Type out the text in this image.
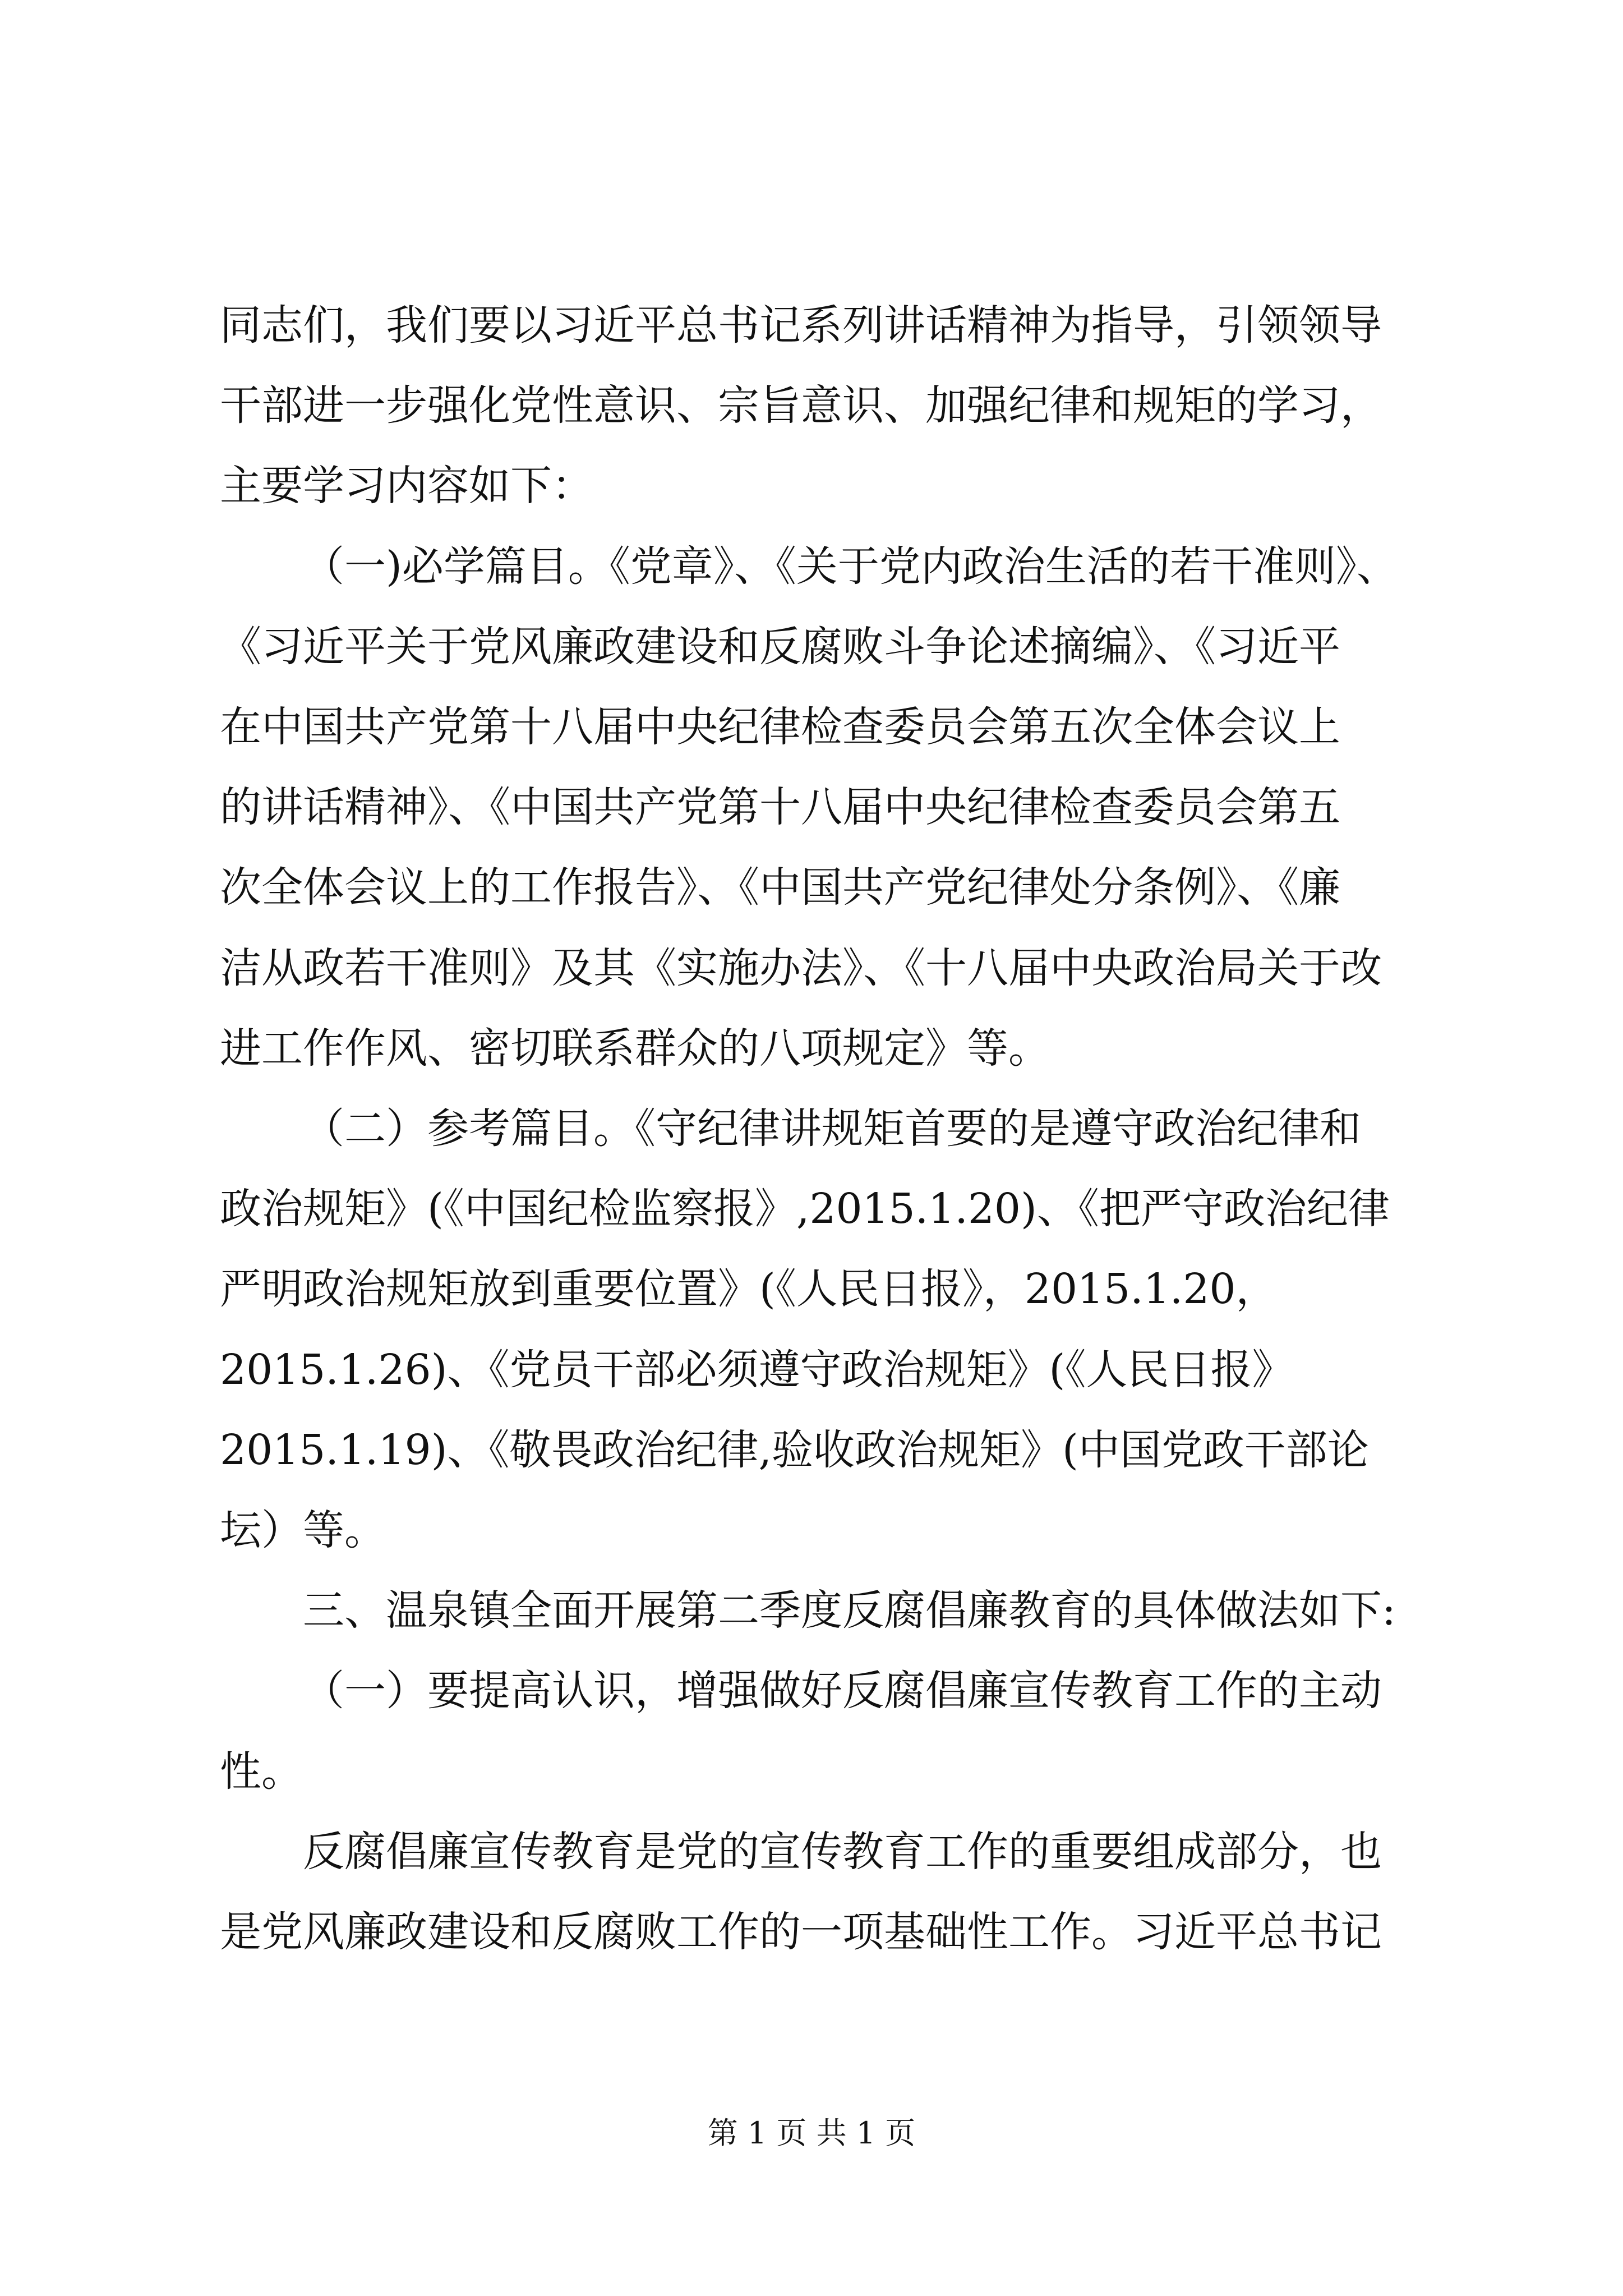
同志们，我们要以习近平总书记系列讲话精神为指导，引领领导
干部进一步强化党性意识、宗旨意识、加强纪律和规矩的学习，
主要学习内容如下：
（一)必学篇目。《党章》、《关于党内政治生活的若干准则》、
《习近平关于党风廉政建设和反腐败斗争论述摘编》、《习近平
在中国共产党第十八届中央纪律检查委员会第五次全体会议上
的讲话精神》、《中国共产党第十八届中央纪律检查委员会第五
次全体会议上的工作报告》、《中国共产党纪律处分条例》、《廉
洁从政若干准则》及其《实施办法》、《十八届中央政治局关于改
进工作作风、密切联系群众的八项规定》等。
（二）参考篇目。《守纪律讲规矩首要的是遵守政治纪律和
政治规矩》(《中国纪检监察报》,2015.1.20)、《把严守政治纪律
严明政治规矩放到重要位置》(《人民日报》，2015.1.20，
2015.1.26)、《党员干部必须遵守政治规矩》(《人民日报》
2015.1.19)、《敬畏政治纪律,验收政治规矩》(中国党政干部论
坛）等。
三、温泉镇全面开展第二季度反腐倡廉教育的具体做法如下:
（一）要提高认识，增强做好反腐倡廉宣传教育工作的主动
性。
反腐倡廉宣传教育是党的宣传教育工作的重要组成部分，也
是党风廉政建设和反腐败工作的一项基础性工作。习近平总书记
第 1 页 共 1 页
